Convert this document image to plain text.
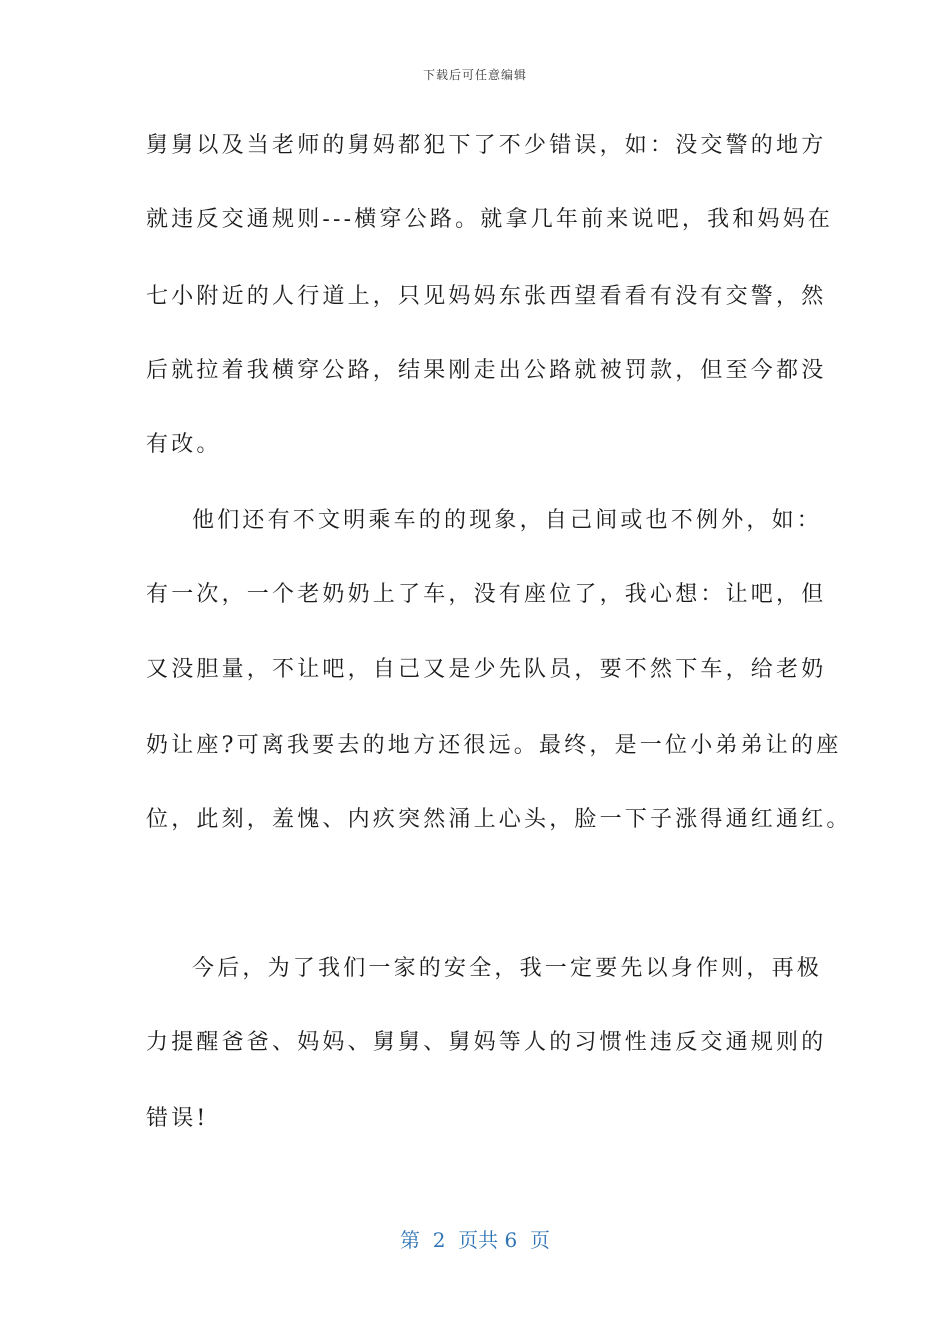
下载后可任意编辑
舅舅以及当老师的舅妈都犯下了不少错误，如：没交警的地方
就违反交通规则---横穿公路。就拿几年前来说吧，我和妈妈在
七小附近的人行道上，只见妈妈东张西望看看有没有交警，然
后就拉着我横穿公路，结果刚走出公路就被罚款，但至今都没
有改。
他们还有不文明乘车的的现象，自己间或也不例外，如：
有一次，一个老奶奶上了车，没有座位了，我心想：让吧，但
又没胆量，不让吧，自己又是少先队员，要不然下车，给老奶
奶让座?可离我要去的地方还很远。最终，是一位小弟弟让的座
位，此刻，羞愧、内疚突然涌上心头，脸一下子涨得通红通红。
今后，为了我们一家的安全，我一定要先以身作则，再极
力提醒爸爸、妈妈、舅舅、舅妈等人的习惯性违反交通规则的
错误!
第  2  页共 6  页
